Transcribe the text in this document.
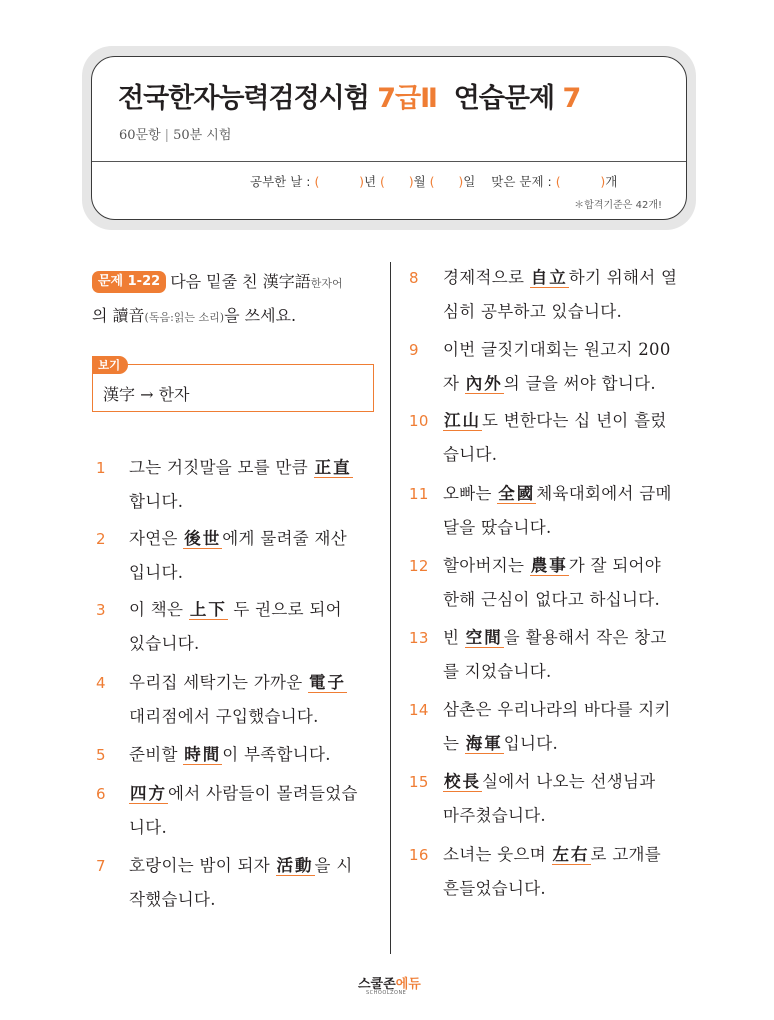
전국한자능력검정시험 7급Ⅱ 연습문제 7
60문항 | 50분 시험
공부한 날 : (          )년 (      )월 (      )일 맞은 문제 : (          )개
＊합격기준은 42개!
문제 1-22 다음 밑줄 친 漢字語한자어
의 讀音(독음:읽는 소리)을 쓰세요.
보기
漢字 → 한자
1 그는 거짓말을 모를 만큼 正直
합니다.
2 자연은 後世에게 물려줄 재산
입니다.
3 이 책은 上下 두 권으로 되어
있습니다.
4 우리집 세탁기는 가까운 電子
대리점에서 구입했습니다.
5 준비할 時間이 부족합니다.
6 四方에서 사람들이 몰려들었습
니다.
7 호랑이는 밤이 되자 活動을 시
작했습니다.
8 경제적으로 自立하기 위해서 열
심히 공부하고 있습니다.
9 이번 글짓기대회는 원고지 200
자 內外의 글을 써야 합니다.
10 江山도 변한다는 십 년이 흘렀
습니다.
11 오빠는 全國체육대회에서 금메
달을 땄습니다.
12 할아버지는 農事가 잘 되어야
한해 근심이 없다고 하십니다.
13 빈 空間을 활용해서 작은 창고
를 지었습니다.
14 삼촌은 우리나라의 바다를 지키
는 海軍입니다.
15 校長실에서 나오는 선생님과
마주쳤습니다.
16 소녀는 웃으며 左右로 고개를
흔들었습니다.
스쿨존에듀
SCHOOLZONE
